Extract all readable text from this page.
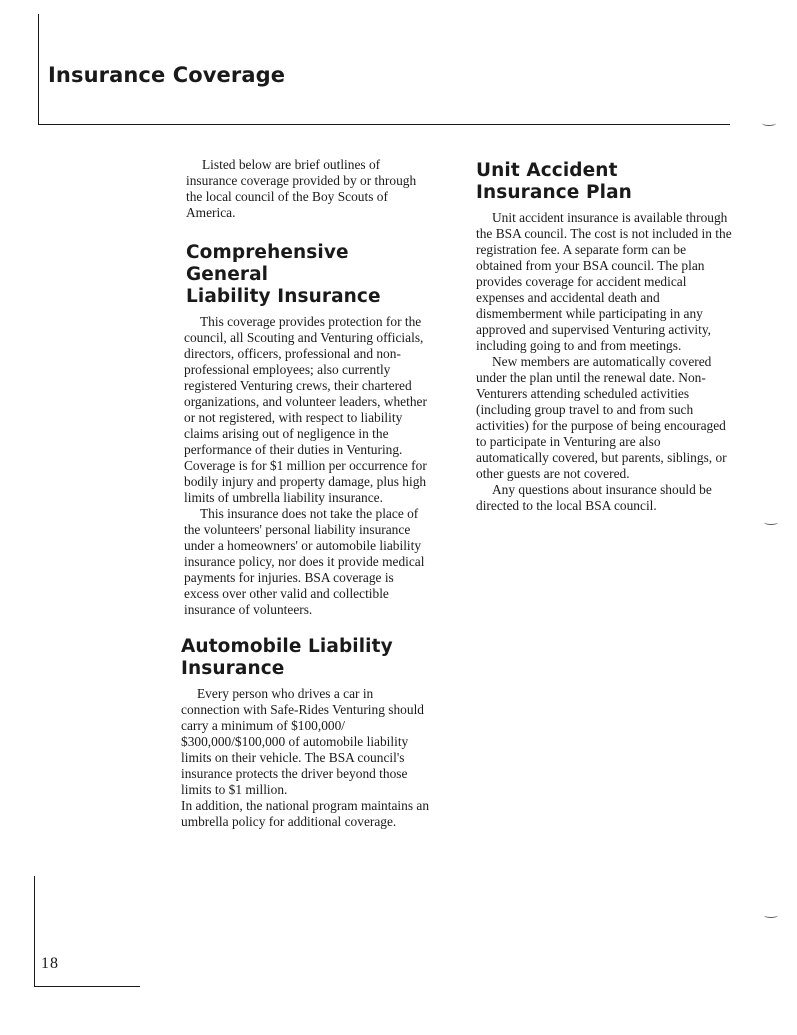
Insurance Coverage

Listed below are brief outlines of insurance coverage provided by or through the local council of the Boy Scouts of America.

Comprehensive General
Liability Insurance

This coverage provides protection for the council, all Scouting and Venturing officials, directors, officers, professional and non-professional employees; also currently registered Venturing crews, their chartered organizations, and volunteer leaders, whether or not registered, with respect to liability claims arising out of negligence in the performance of their duties in Venturing. Coverage is for $1 million per occurrence for bodily injury and property damage, plus high limits of umbrella liability insurance.

This insurance does not take the place of the volunteers' personal liability insurance under a homeowners' or automobile liability insurance policy, nor does it provide medical payments for injuries. BSA coverage is excess over other valid and collectible insurance of volunteers.

Automobile Liability
Insurance

Every person who drives a car in connection with Safe-Rides Venturing should carry a minimum of $100,000/ $300,000/$100,000 of automobile liability limits on their vehicle. The BSA council's insurance protects the driver beyond those limits to $1 million.

In addition, the national program maintains an umbrella policy for additional coverage.

Unit Accident
Insurance Plan

Unit accident insurance is available through the BSA council. The cost is not included in the registration fee. A separate form can be obtained from your BSA council. The plan provides coverage for accident medical expenses and accidental death and dismemberment while participating in any approved and supervised Venturing activity, including going to and from meetings.

New members are automatically covered under the plan until the renewal date. Non-Venturers attending scheduled activities (including group travel to and from such activities) for the purpose of being encouraged to participate in Venturing are also automatically covered, but parents, siblings, or other guests are not covered.

Any questions about insurance should be directed to the local BSA council.

18
